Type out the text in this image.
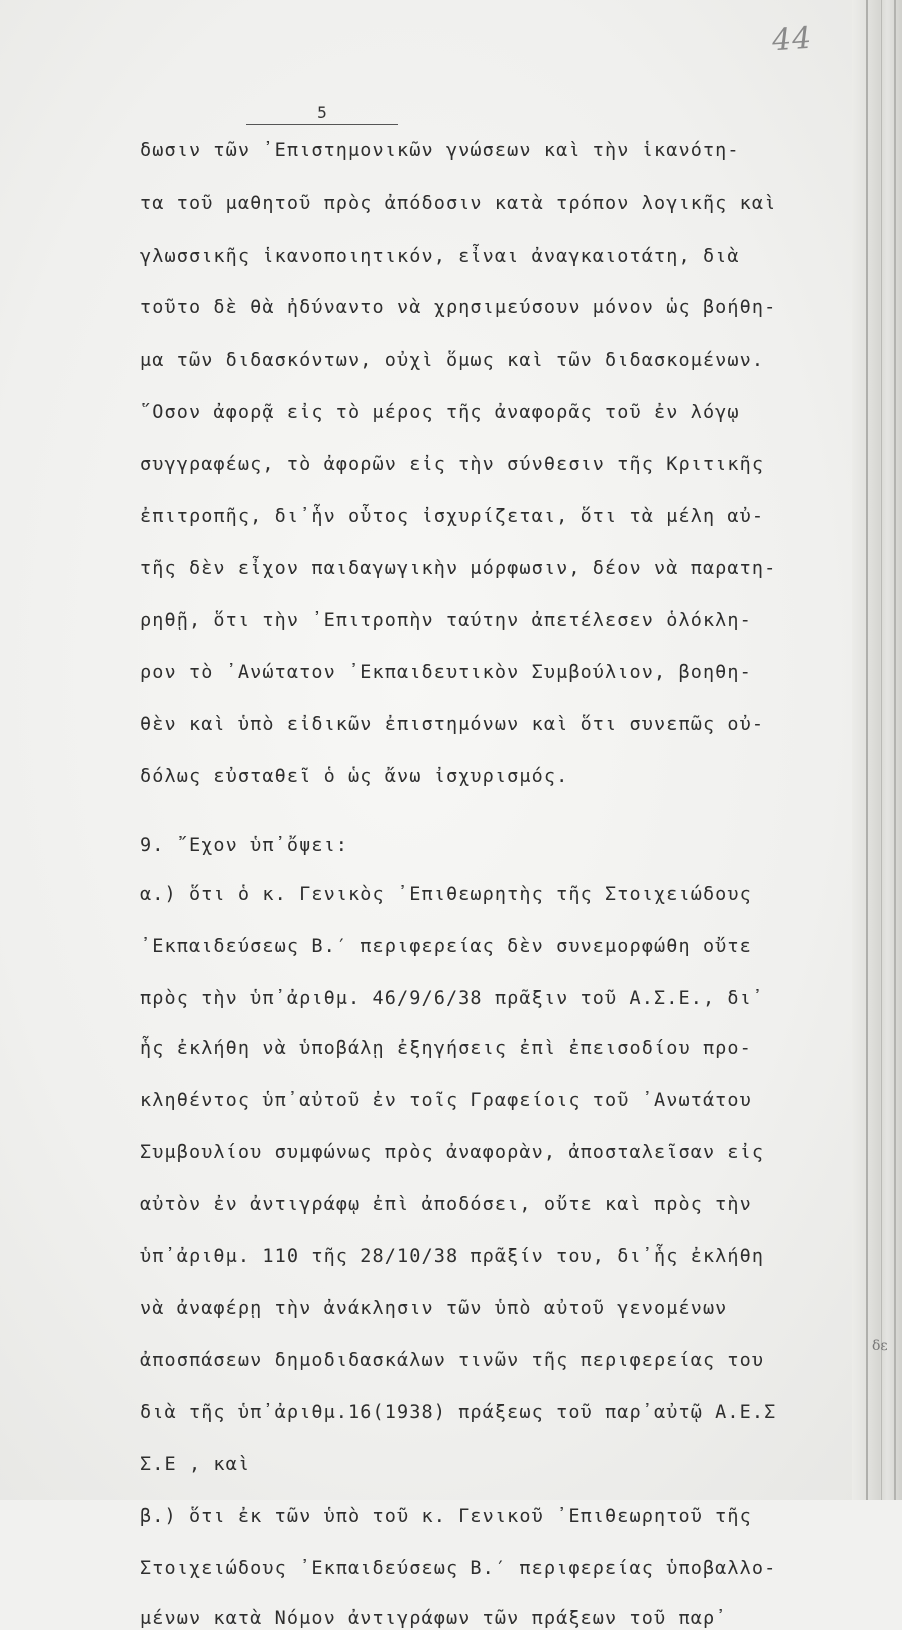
44
5
δωσιν τῶν ᾿Επιστημονικῶν γνώσεων καὶ τὴν ἱκανότη-
τα τοῦ μαθητοῦ πρὸς ἀπόδοσιν κατὰ τρόπον λογικῆς καὶ
γλωσσικῆς ἱκανοποιητικόν, εἶναι ἀναγκαιοτάτη, διὰ
τοῦτο δὲ θὰ ἠδύναντο νὰ χρησιμεύσουν μόνον ὡς βοήθη-
μα τῶν διδασκόντων, οὐχὶ ὅμως καὶ τῶν διδασκομένων.
῞Οσον ἀφορᾷ εἰς τὸ μέρος τῆς ἀναφορᾶς τοῦ ἐν λόγῳ
συγγραφέως, τὸ ἀφορῶν εἰς τὴν σύνθεσιν τῆς Κριτικῆς
ἐπιτροπῆς, δι᾿ἧν οὗτος ἰσχυρίζεται, ὅτι τὰ μέλη αὐ-
τῆς δὲν εἶχον παιδαγωγικὴν μόρφωσιν, δέον νὰ παρατη-
ρηθῇ, ὅτι τὴν ᾿Επιτροπὴν ταύτην ἀπετέλεσεν ὁλόκλη-
ρον τὸ ᾿Ανώτατον ᾿Εκπαιδευτικὸν Συμβούλιον, βοηθη-
θὲν καὶ ὑπὸ εἰδικῶν ἐπιστημόνων καὶ ὅτι συνεπῶς οὐ-
δόλως εὐσταθεῖ ὁ ὡς ἄνω ἰσχυρισμός.
9. ῎Εχον ὑπ᾿ὄψει:
α.) ὅτι ὁ κ. Γενικὸς ᾿Επιθεωρητὴς τῆς Στοιχειώδους
᾿Εκπαιδεύσεως Β.′ περιφερείας δὲν συνεμορφώθη οὔτε
πρὸς τὴν ὑπ᾿ἀριθμ. 46/9/6/38 πρᾶξιν τοῦ Α.Σ.Ε., δι᾿
ἧς ἐκλήθη νὰ ὑποβάλῃ ἐξηγήσεις ἐπὶ ἐπεισοδίου προ-
κληθέντος ὑπ᾿αὐτοῦ ἐν τοῖς Γραφείοις τοῦ ᾿Ανωτάτου
Συμβουλίου συμφώνως πρὸς ἀναφορὰν, ἀποσταλεῖσαν εἰς
αὐτὸν ἐν ἀντιγράφῳ ἐπὶ ἀποδόσει, οὔτε καὶ πρὸς τὴν
ὑπ᾿ἀριθμ. 110 τῆς 28/10/38 πρᾶξίν του, δι᾿ἧς ἐκλήθη
νὰ ἀναφέρῃ τὴν ἀνάκλησιν τῶν ὑπὸ αὐτοῦ γενομένων
ἀποσπάσεων δημοδιδασκάλων τινῶν τῆς περιφερείας του
διὰ τῆς ὑπ᾿ἀριθμ.16(1938) πράξεως τοῦ παρ᾿αὐτῷ Α.Ε.Σ
Σ.Ε , καὶ
β.) ὅτι ἐκ τῶν ὑπὸ τοῦ κ. Γενικοῦ ᾿Επιθεωρητοῦ τῆς
Στοιχειώδους ᾿Εκπαιδεύσεως Β.′ περιφερείας ὑποβαλλο-
μένων κατὰ Νόμον ἀντιγράφων τῶν πράξεων τοῦ παρ᾿
δε
